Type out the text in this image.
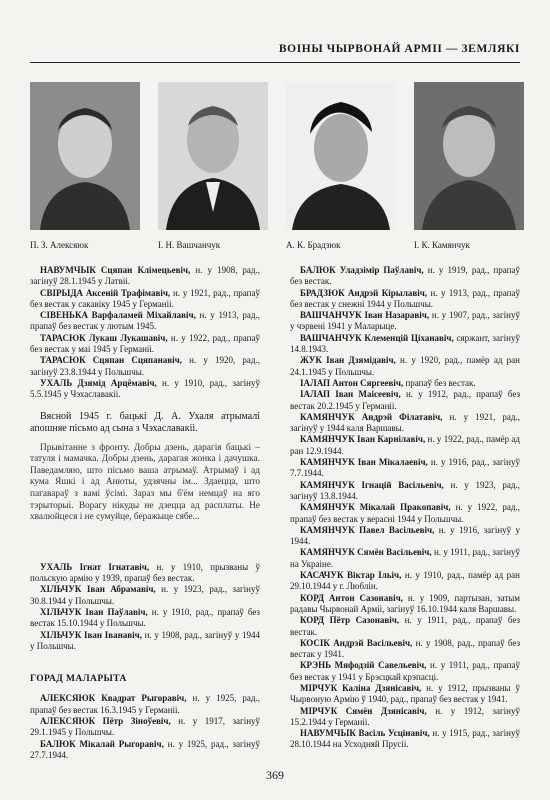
ВОІНЫ ЧЫРВОНАЙ АРМІІ — ЗЕМЛЯКІ
П. З. Алексяюк	І. Н. Вашчанчук	А. К. Брадзюк	І. К. Камянчук

НАВУМЧЫК Сцяпан Клімецьевіч, н. у 1908, рад., загінуў 28.1.1945 у Латвіі.

СВІРЫДА Аксеній Трафімавіч, н. у 1921, рад., прапаў без вестак у сакавіку 1945 у Германіі.

СІВЕНЬКА Варфаламей Міхайлавіч, н. у 1913, рад., прапаў без вестак у лютым 1945.

ТАРАСЮК Лукаш Лукашавіч, н. у 1922, рад., прапаў без вестак у маі 1945 у Германіі.

ТАРАСЮК Сцяпан Сцяпанавіч, н. у 1920, рад., загінуў 23.8.1944 у Польшчы.

УХАЛЬ Дзямід Арцёмавіч, н. у 1910, рад., загінуў 5.5.1945 у Чэхаславакіі.

Вясной 1945 г. бацькі Д. А. Ухаля атрымалі апошняе пісьмо ад сына з Чэхаславакіі.

Прывітанне з фронту. Добры дзень, дарагія бацькі – татуля і мамачка. Добры дзень, дарагая жонка і дачушка. Паведамляю, што пісьмо ваша атрымаў. Атрымаў і ад кума Яшкі і ад Анюты, удзячны ім... Здаецца, што пагавараў з вамі ўсімі. Зараз мы б'ём немцаў на яго тэрыторыі. Ворагу нікуды не дзецца ад расплаты. Не хвалюйцеся і не сумуйце, беражыце сябе...

УХАЛЬ Ігнат Ігнатавіч, н. у 1910, прызваны ў польскую армію у 1939, прапаў без вестак.

ХІЛЬЧУК Іван Абрамавіч, н. у 1923, рад., загінуў 30.8.1944 у Польшчы.

ХІЛЬЧУК Іван Паўлавіч, н. у 1910, рад., прапаў без вестак 15.10.1944 у Польшчы.

ХІЛЬЧУК Іван Іванавіч, н. у 1908, рад., загінуў у 1944 у Польшчы.

ГОРАД МАЛАРЫТА

АЛЕКСЯЮК Квадрат Рыгоравіч, н. у 1925, рад., прапаў без вестак 16.3.1945 у Германіі.

АЛЕКСЯЮК Пётр Зіноўевіч, н. у 1917, загінуў 29.1.1945 у Польшчы.

БАЛЮК Мікалай Рыгоравіч, н. у 1925, рад., загінуў 27.7.1944.

БАЛЮК Уладзімір Паўлавіч, н. у 1919, рад., прапаў без вестак.

БРАДЗЮК Андрэй Кірылавіч, н. у 1913, рад., прапаў без вестак у снежні 1944 у Польшчы.

ВАШЧАНЧУК Іван Назаравіч, н. у 1907, рад., загінуў у чэрвені 1941 у Маларыце.

ВАШЧАНЧУК Клеменцій Ціханавіч, сяржант, загінуў 14.8.1943.

ЖУК Іван Дзямідавіч, н. у 1920, рад., памёр ад ран 24.1.1945 у Польшчы.

ІАЛАП Антон Сяргеевіч, прапаў без вестак.

ІАЛАП Іван Маісеевіч, н. у 1912, рад., прапаў без вестак 20.2.1945 у Германіі.

КАМЯНЧУК Андрэй Філатавіч, н. у 1921, рад., загінуў у 1944 каля Варшавы.

КАМЯНЧУК Іван Карнілавіч, н. у 1922, рад., памёр ад ран 12.9.1944.

КАМЯНЧУК Іван Мікалаевіч, н. у 1916, рад., загінуў 7.7.1944.

КАМЯНЧУК Ігнацій Васільевіч, н. у 1923, рад., загінуў 13.8.1944.

КАМЯНЧУК Мікалай Пракопавіч, н. у 1922, рад., прапаў без вестак у верасні 1944 у Польшчы.

КАМЯНЧУК Павел Васільевіч, н. у 1916, загінуў у 1944.

КАМЯНЧУК Сямён Васільевіч, н. у 1911, рад., загінуў на Украіне.

КАСАЧУК Віктар Ільіч, н. у 1910, рад., памёр ад ран 29.10.1944 у г. Люблін.

КОРД Антон Сазонавіч, н. у 1909, партызан, затым радавы Чырвонай Арміі, загінуў 16.10.1944 каля Варшавы.

КОРД Пётр Сазонавіч, н. у 1911, рад., прапаў без вестак.

КОСІК Андрэй Васільевіч, н. у 1908, рад., прапаў без вестак у 1941.

КРЭНЬ Мяфодзій Савельевіч, н. у 1911, рад., прапаў без вестак у 1941 у Брэсцкай крэпасці.

МІРЧУК Каліна Дзянісавіч, н. у 1912, прызваны ў Чырвоную Армію ў 1940, рад., прапаў без вестак у 1941.

МІРЧУК Сямён Дзянісавіч, н. у 1912, загінуў 15.2.1944 у Германіі.

НАВУМЧЫК Васіль Усцінавіч, н. у 1915, рад., загінуў 28.10.1944 на Усходняй Прусіі.

369
